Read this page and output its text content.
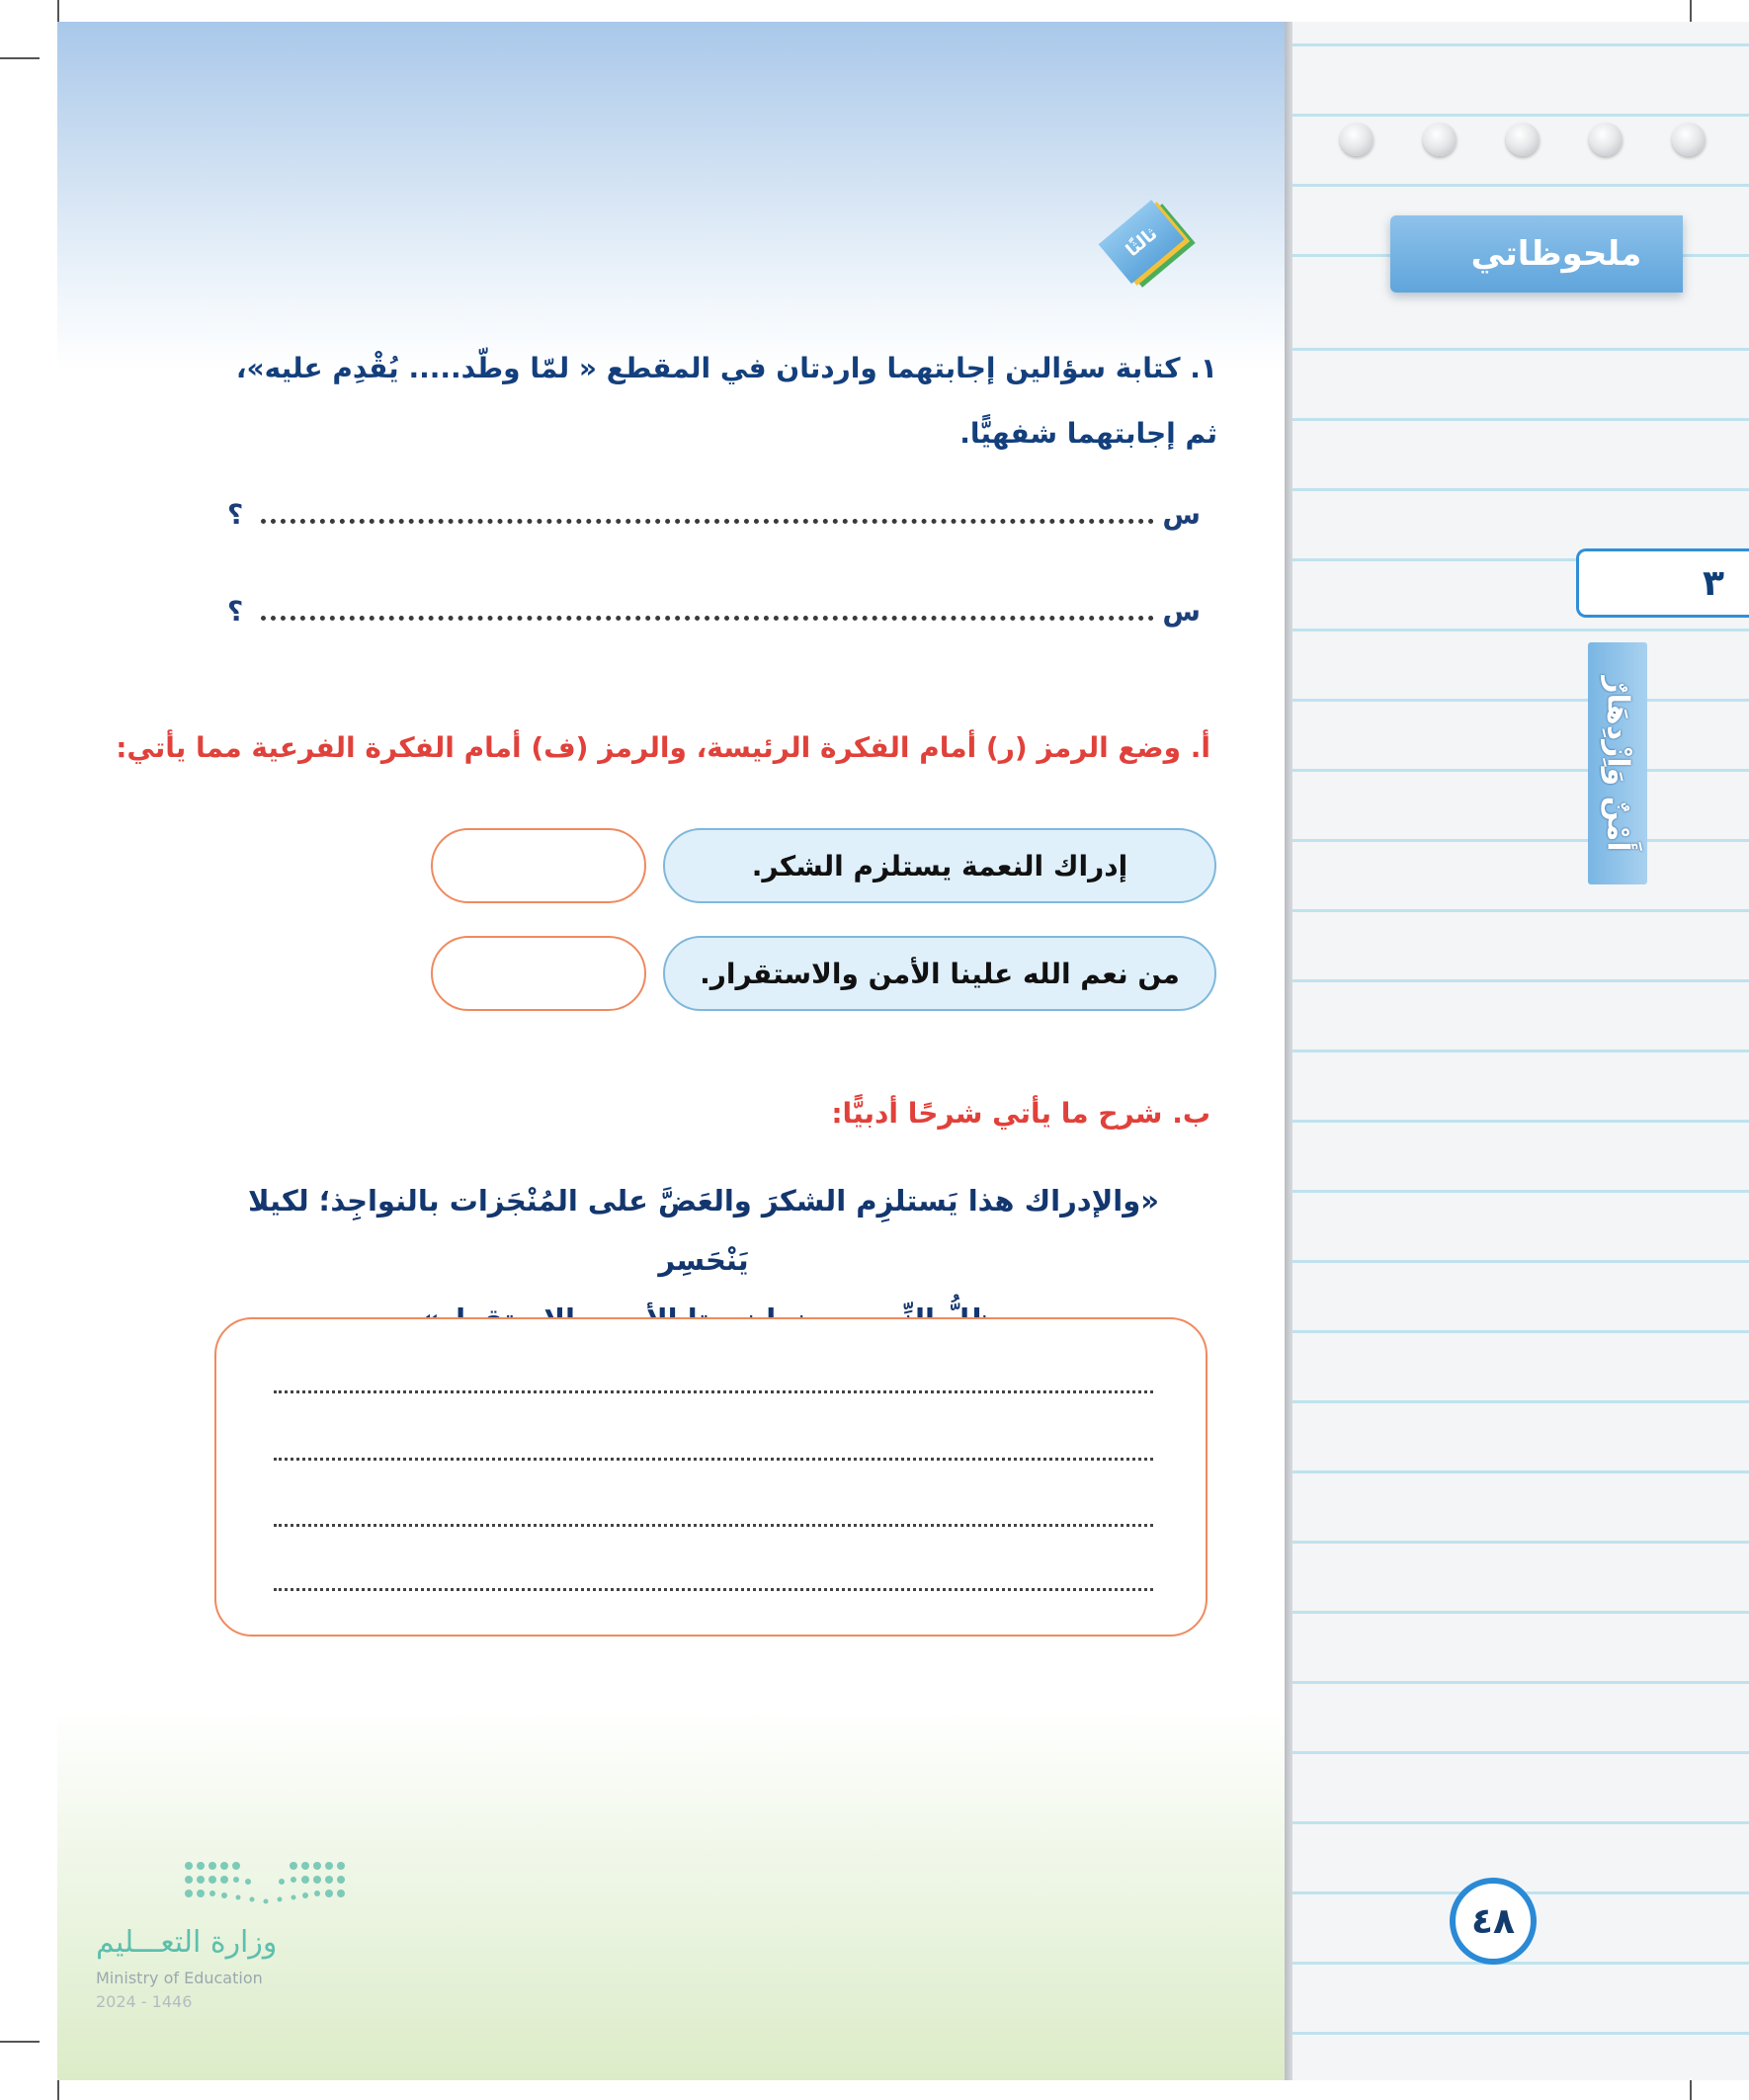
ملحوظاتي
٣
أَمْنٌ وَاِزْدِهَارٌ
٤٨
ثالثًا
١. كتابة سؤالين إجابتهما واردتان في المقطع « لمّا وطّد..... يُقْدِم عليه»، ثم إجابتهما شفهيًّا.
س
؟
س
؟
أ. وضع الرمز (ر) أمام الفكرة الرئيسة، والرمز (ف) أمام الفكرة الفرعية مما يأتي:
إدراك النعمة يستلزم الشكر.
من نعم الله علينا الأمن والاستقرار.
ب. شرح ما يأتي شرحًا أدبيًّا:
«والإدراك هذا يَستلزِم الشكرَ والعَضَّ على المُنْجَزات بالنواجِذ؛ لكيلا يَنْحَسِر
وزارة التعـــليم
Ministry of Education
2024 - 1446
